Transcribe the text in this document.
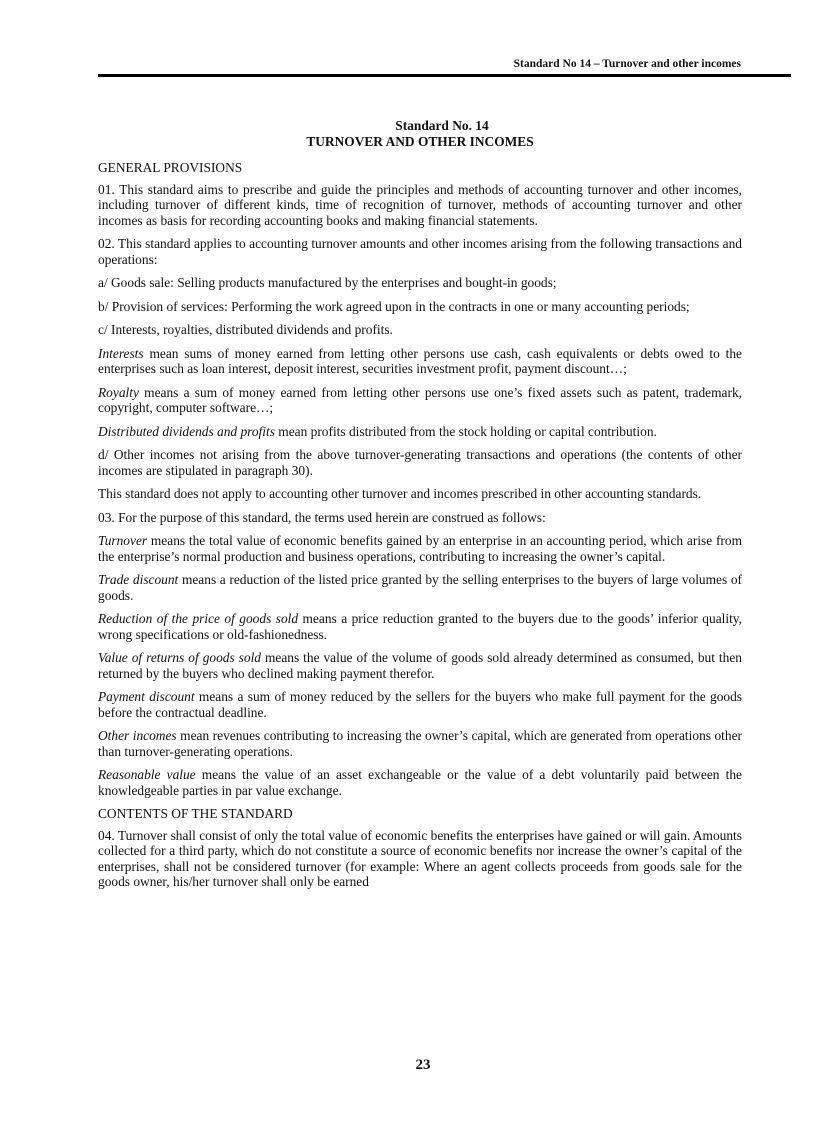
Standard No 14 – Turnover and other incomes
Standard No. 14
TURNOVER AND OTHER INCOMES

GENERAL PROVISIONS

01. This standard aims to prescribe and guide the principles and methods of accounting turnover and other incomes, including turnover of different kinds, time of recognition of turnover, methods of accounting turnover and other incomes as basis for recording accounting books and making financial statements.

02. This standard applies to accounting turnover amounts and other incomes arising from the following transactions and operations:

a/ Goods sale: Selling products manufactured by the enterprises and bought-in goods;

b/ Provision of services: Performing the work agreed upon in the contracts in one or many accounting periods;

c/ Interests, royalties, distributed dividends and profits.

Interests mean sums of money earned from letting other persons use cash, cash equivalents or debts owed to the enterprises such as loan interest, deposit interest, securities investment profit, payment discount…;

Royalty means a sum of money earned from letting other persons use one’s fixed assets such as patent, trademark, copyright, computer software…;

Distributed dividends and profits mean profits distributed from the stock holding or capital contribution.

d/ Other incomes not arising from the above turnover-generating transactions and operations (the contents of other incomes are stipulated in paragraph 30).

This standard does not apply to accounting other turnover and incomes prescribed in other accounting standards.

03. For the purpose of this standard, the terms used herein are construed as follows:

Turnover means the total value of economic benefits gained by an enterprise in an accounting period, which arise from the enterprise’s normal production and business operations, contributing to increasing the owner’s capital.

Trade discount means a reduction of the listed price granted by the selling enterprises to the buyers of large volumes of goods.

Reduction of the price of goods sold means a price reduction granted to the buyers due to the goods’ inferior quality, wrong specifications or old-fashionedness.

Value of returns of goods sold means the value of the volume of goods sold already determined as consumed, but then returned by the buyers who declined making payment therefor.

Payment discount means a sum of money reduced by the sellers for the buyers who make full payment for the goods before the contractual deadline.

Other incomes mean revenues contributing to increasing the owner’s capital, which are generated from operations other than turnover-generating operations.

Reasonable value means the value of an asset exchangeable or the value of a debt voluntarily paid between the knowledgeable parties in par value exchange.

CONTENTS OF THE STANDARD

04. Turnover shall consist of only the total value of economic benefits the enterprises have gained or will gain. Amounts collected for a third party, which do not constitute a source of economic benefits nor increase the owner’s capital of the enterprises, shall not be considered turnover (for example: Where an agent collects proceeds from goods sale for the goods owner, his/her turnover shall only be earned

23
